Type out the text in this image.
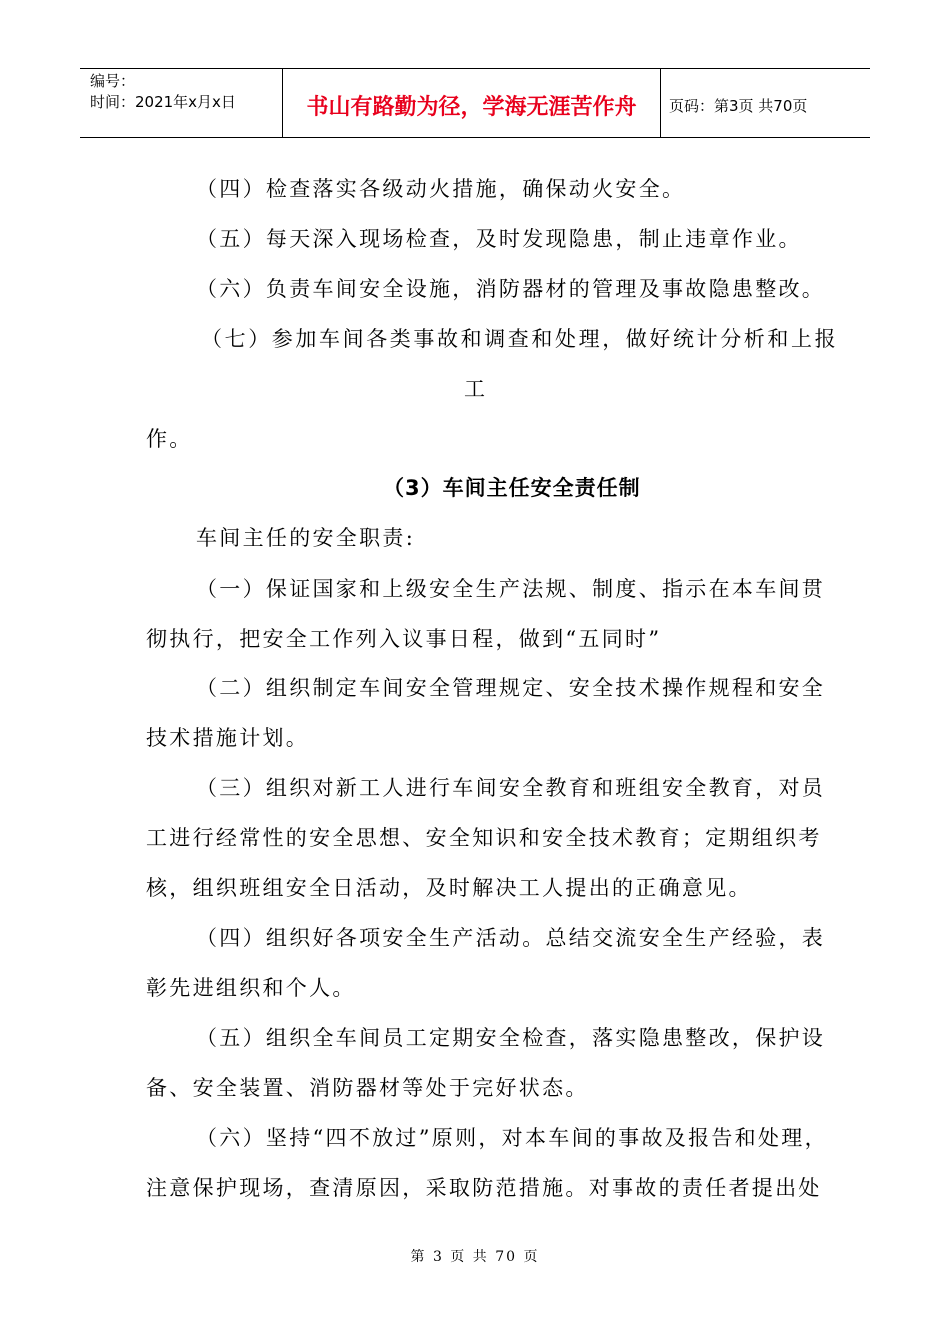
编号：
时间：2021年x月x日	书山有路勤为径，学海无涯苦作舟	页码：第3页 共70页
（四）检查落实各级动火措施，确保动火安全。
（五）每天深入现场检查，及时发现隐患，制止违章作业。
（六）负责车间安全设施，消防器材的管理及事故隐患整改。
（七）参加车间各类事故和调查和处理，做好统计分析和上报
工
作。
（3）车间主任安全责任制
车间主任的安全职责:
（一）保证国家和上级安全生产法规、制度、指示在本车间贯
彻执行，把安全工作列入议事日程，做到“五同时”
（二）组织制定车间安全管理规定、安全技术操作规程和安全
技术措施计划。
（三）组织对新工人进行车间安全教育和班组安全教育，对员
工进行经常性的安全思想、安全知识和安全技术教育；定期组织考
核，组织班组安全日活动，及时解决工人提出的正确意见。
（四）组织好各项安全生产活动。总结交流安全生产经验，表
彰先进组织和个人。
（五）组织全车间员工定期安全检查，落实隐患整改，保护设
备、安全装置、消防器材等处于完好状态。
（六）坚持“四不放过”原则，对本车间的事故及报告和处理，
注意保护现场，查清原因，采取防范措施。对事故的责任者提出处
第 3 页 共 70 页
